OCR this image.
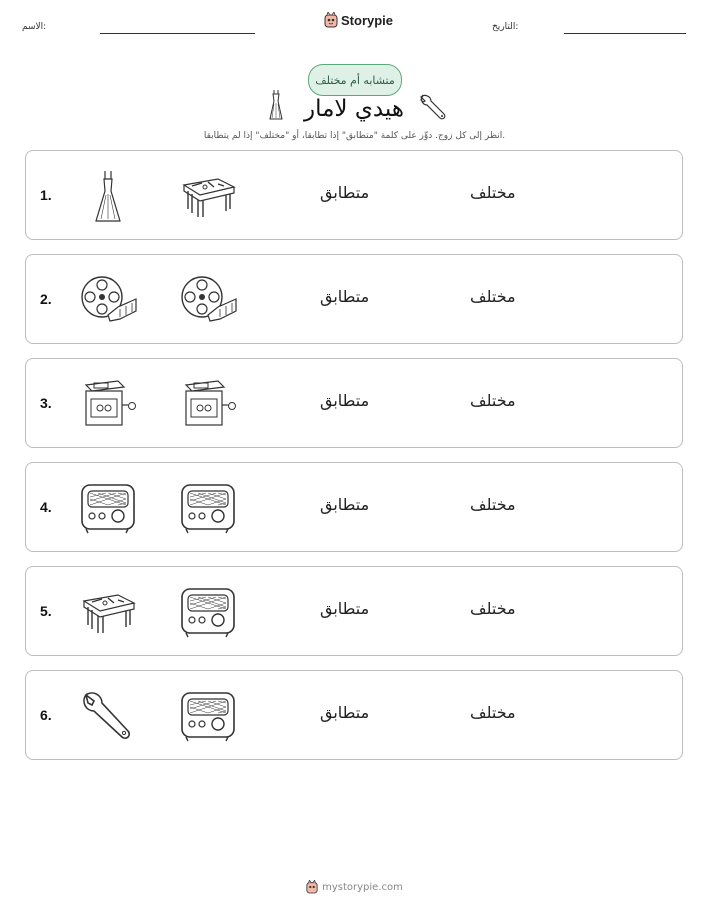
الاسم:	Storypie	التاريخ:
متشابه أم مختلف
هيدي لامار
انظر إلى كل زوج. دوِّر على كلمة "متطابق" إذا تطابقا، أو "مختلف" إذا لم يتطابقا.
1.	متطابق	مختلف
2.	متطابق	مختلف
3.	متطابق	مختلف
4.	متطابق	مختلف
5.	متطابق	مختلف
6.	متطابق	مختلف
mystorypie.com
